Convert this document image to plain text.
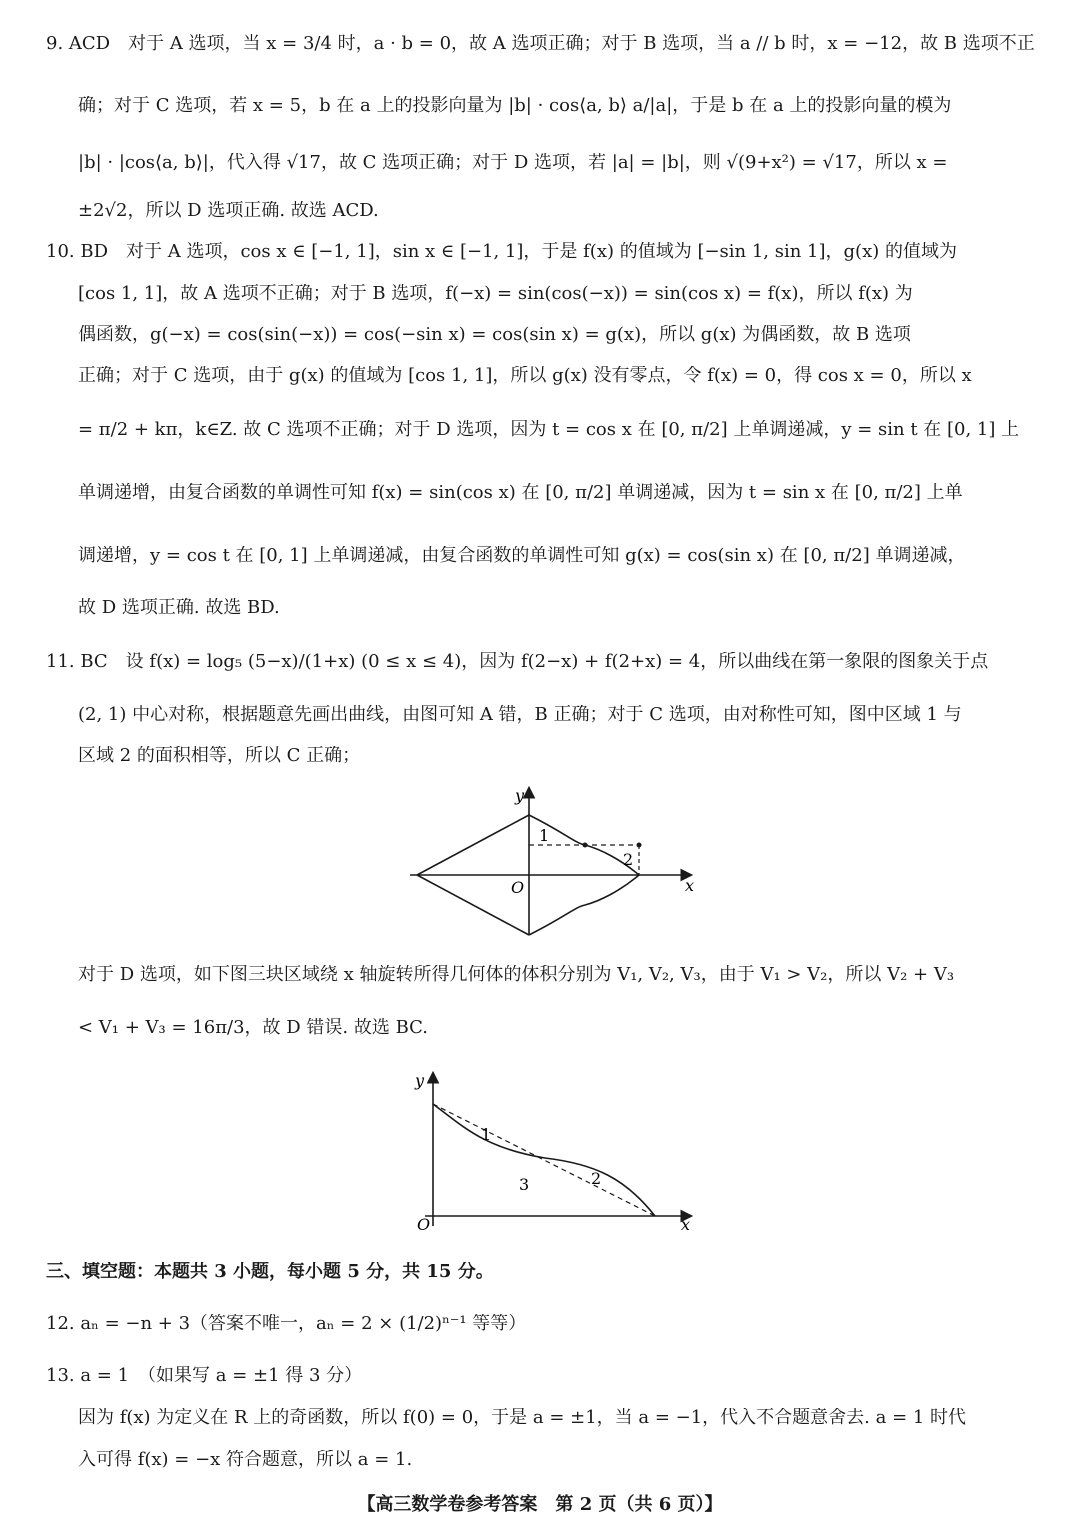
9. ACD　对于 A 选项，当 x = 3/4 时，a · b = 0，故 A 选项正确；对于 B 选项，当 a // b 时，x = −12，故 B 选项不正
确；对于 C 选项，若 x = 5，b 在 a 上的投影向量为 |b| · cos⟨a, b⟩ a/|a|，于是 b 在 a 上的投影向量的模为
|b| · |cos⟨a, b⟩|，代入得 √17，故 C 选项正确；对于 D 选项，若 |a| = |b|，则 √(9+x²) = √17，所以 x =
±2√2，所以 D 选项正确. 故选 ACD.
10. BD　对于 A 选项，cos x ∈ [−1, 1]，sin x ∈ [−1, 1]，于是 f(x) 的值域为 [−sin 1, sin 1]，g(x) 的值域为
[cos 1, 1]，故 A 选项不正确；对于 B 选项，f(−x) = sin(cos(−x)) = sin(cos x) = f(x)，所以 f(x) 为
偶函数，g(−x) = cos(sin(−x)) = cos(−sin x) = cos(sin x) = g(x)，所以 g(x) 为偶函数，故 B 选项
正确；对于 C 选项，由于 g(x) 的值域为 [cos 1, 1]，所以 g(x) 没有零点，令 f(x) = 0，得 cos x = 0，所以 x
= π/2 + kπ，k∈Z. 故 C 选项不正确；对于 D 选项，因为 t = cos x 在 [0, π/2] 上单调递减，y = sin t 在 [0, 1] 上
单调递增，由复合函数的单调性可知 f(x) = sin(cos x) 在 [0, π/2] 单调递减，因为 t = sin x 在 [0, π/2] 上单
调递增，y = cos t 在 [0, 1] 上单调递减，由复合函数的单调性可知 g(x) = cos(sin x) 在 [0, π/2] 单调递减，
故 D 选项正确. 故选 BD.
11. BC　设 f(x) = log₅ (5−x)/(1+x) (0 ≤ x ≤ 4)，因为 f(2−x) + f(2+x) = 4，所以曲线在第一象限的图象关于点
(2, 1) 中心对称，根据题意先画出曲线，由图可知 A 错，B 正确；对于 C 选项，由对称性可知，图中区域 1 与
区域 2 的面积相等，所以 C 正确；
y
x
O
1
2
对于 D 选项，如下图三块区域绕 x 轴旋转所得几何体的体积分别为 V₁, V₂, V₃，由于 V₁ > V₂，所以 V₂ + V₃
< V₁ + V₃ = 16π/3，故 D 错误. 故选 BC.
y
x
O
1
2
3
三、填空题：本题共 3 小题，每小题 5 分，共 15 分。
12. aₙ = −n + 3（答案不唯一，aₙ = 2 × (1/2)ⁿ⁻¹ 等等）
13. a = 1　（如果写 a = ±1 得 3 分）
因为 f(x) 为定义在 R 上的奇函数，所以 f(0) = 0，于是 a = ±1，当 a = −1，代入不合题意舍去. a = 1 时代
入可得 f(x) = −x 符合题意，所以 a = 1.
【高三数学卷参考答案　第 2 页（共 6 页）】
